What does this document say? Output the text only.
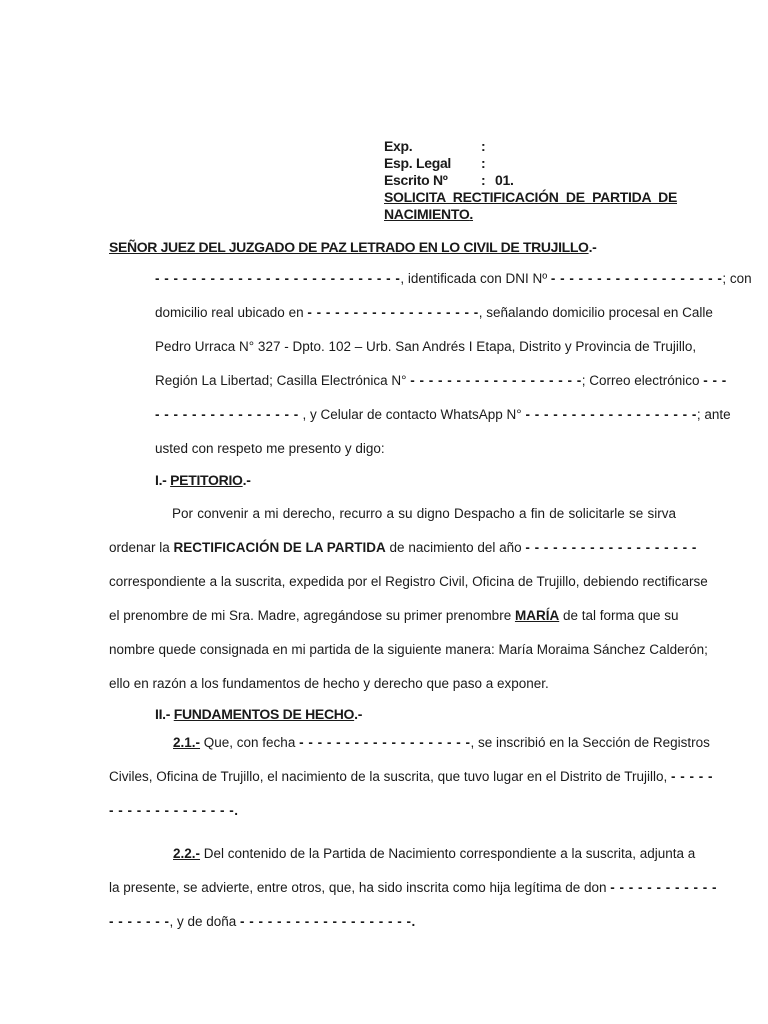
Exp.	:
Esp. Legal :
Escrito Nº : 01.
SOLICITA RECTIFICACIÓN DE PARTIDA DE NACIMIENTO.
SEÑOR JUEZ DEL JUZGADO DE PAZ LETRADO EN LO CIVIL DE TRUJILLO.-
- - - - - - - - - - - - - - - - - - - - - - - - - - -, identificada con DNI Nº - - - - - - - - - - - - - - - - - - -; con
domicilio real ubicado en - - - - - - - - - - - - - - - - - - -, señalando domicilio procesal en Calle
Pedro Urraca N° 327 - Dpto. 102 – Urb. San Andrés I Etapa, Distrito y Provincia de Trujillo,
Región La Libertad; Casilla Electrónica N° - - - - - - - - - - - - - - - - - - -; Correo electrónico - - -
- - - - - - - - - - - - - - - - , y Celular de contacto WhatsApp N° - - - - - - - - - - - - - - - - - - -; ante
usted con respeto me presento y digo:
I.- PETITORIO.-
Por convenir a mi derecho, recurro a su digno Despacho a fin de solicitarle se sirva
ordenar la RECTIFICACIÓN DE LA PARTIDA de nacimiento del año - - - - - - - - - - - - - - - - - - -
correspondiente a la suscrita, expedida por el Registro Civil, Oficina de Trujillo, debiendo rectificarse
el prenombre de mi Sra. Madre, agregándose su primer prenombre MARÍA de tal forma que su
nombre quede consignada en mi partida de la siguiente manera: María Moraima Sánchez Calderón;
ello en razón a los fundamentos de hecho y derecho que paso a exponer.
II.- FUNDAMENTOS DE HECHO.-
2.1.- Que, con fecha - - - - - - - - - - - - - - - - - - -, se inscribió en la Sección de Registros
Civiles, Oficina de Trujillo, el nacimiento de la suscrita, que tuvo lugar en el Distrito de Trujillo, - - - - -
- - - - - - - - - - - - - -.
2.2.- Del contenido de la Partida de Nacimiento correspondiente a la suscrita, adjunta a
la presente, se advierte, entre otros, que, ha sido inscrita como hija legítima de don - - - - - - - - - - - -
- - - - - - -, y de doña - - - - - - - - - - - - - - - - - - -.
